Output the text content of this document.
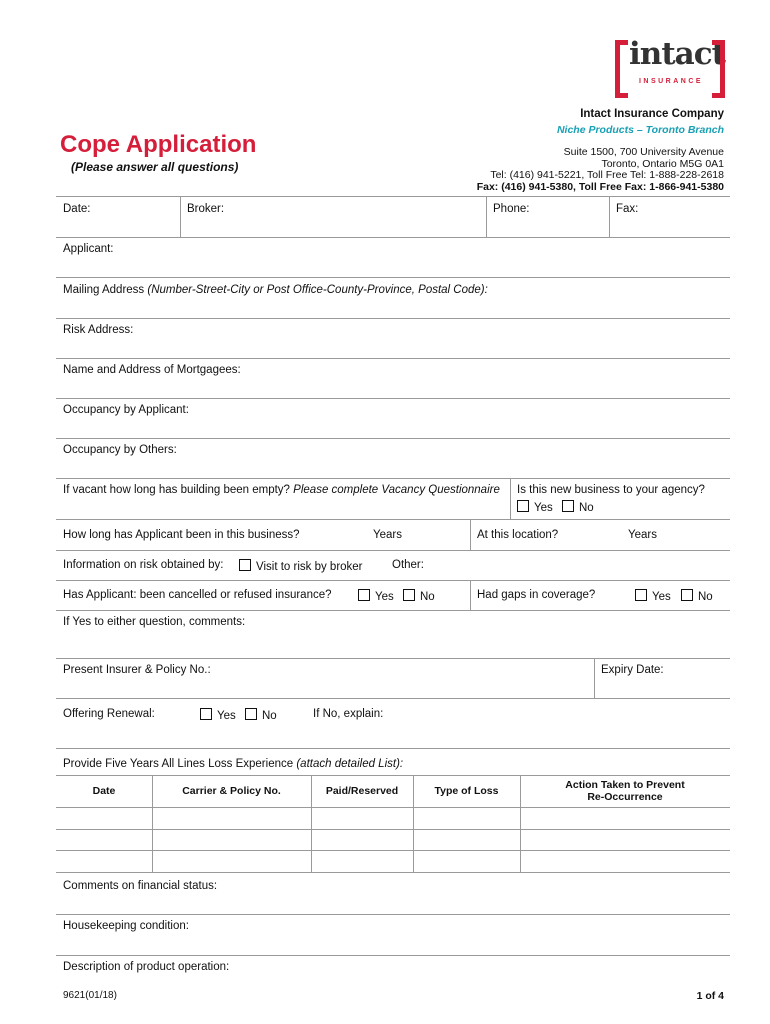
intact
INSURANCE
Intact Insurance Company
Niche Products – Toronto Branch
Suite 1500, 700 University Avenue
Toronto, Ontario M5G 0A1
Tel: (416) 941-5221, Toll Free Tel: 1-888-228-2618
Fax: (416) 941-5380, Toll Free Fax: 1-866-941-5380
Cope Application
(Please answer all questions)
Date:	Broker:	Phone:	Fax:
Applicant:
Mailing Address (Number-Street-City or Post Office-County-Province, Postal Code):
Risk Address:
Name and Address of Mortgagees:
Occupancy by Applicant:
Occupancy by Others:
If vacant how long has building been empty? Please complete Vacancy Questionnaire Is this new business to your agency?
Yes	No
How long has Applicant been in this business?	Years	At this location?	Years
Information on risk obtained by:	Visit to risk by broker	Other:
Has Applicant: been cancelled or refused insurance?	Yes	No	Had gaps in coverage?	Yes	No
If Yes to either question, comments:
Present Insurer & Policy No.:	Expiry Date:
Offering Renewal:	Yes	No	If No, explain:
Provide Five Years All Lines Loss Experience (attach detailed List):
Date	Carrier & Policy No.	Paid/Reserved	Type of Loss	Action Taken to Prevent
Re-Occurrence
Comments on financial status:
Housekeeping condition:
Description of product operation:
9621(01/18)	1 of 4
